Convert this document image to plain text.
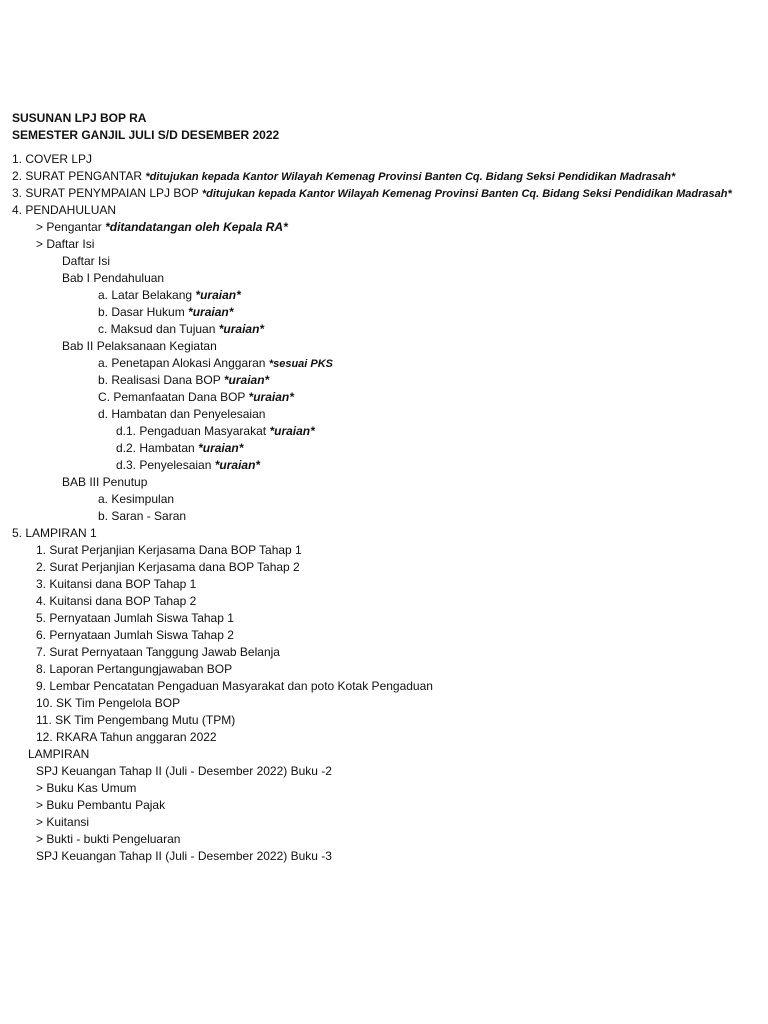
SUSUNAN LPJ BOP RA
SEMESTER GANJIL JULI S/D DESEMBER 2022
1. COVER LPJ
2. SURAT PENGANTAR *ditujukan kepada Kantor Wilayah Kemenag Provinsi Banten Cq. Bidang Seksi Pendidikan Madrasah*
3. SURAT PENYMPAIAN LPJ BOP *ditujukan kepada Kantor Wilayah Kemenag Provinsi Banten Cq. Bidang Seksi Pendidikan Madrasah*
4. PENDAHULUAN
> Pengantar *ditandatangan oleh Kepala RA*
> Daftar Isi
Daftar Isi
Bab I Pendahuluan
a. Latar Belakang *uraian*
b. Dasar Hukum *uraian*
c. Maksud dan Tujuan *uraian*
Bab II Pelaksanaan Kegiatan
a. Penetapan Alokasi Anggaran *sesuai PKS
b. Realisasi Dana BOP *uraian*
C. Pemanfaatan Dana BOP *uraian*
d. Hambatan dan Penyelesaian
d.1. Pengaduan Masyarakat *uraian*
d.2. Hambatan *uraian*
d.3. Penyelesaian *uraian*
BAB III Penutup
a. Kesimpulan
b. Saran - Saran
5. LAMPIRAN 1
1. Surat Perjanjian Kerjasama Dana BOP Tahap 1
2. Surat Perjanjian Kerjasama dana BOP Tahap 2
3. Kuitansi dana BOP Tahap 1
4. Kuitansi dana BOP Tahap 2
5. Pernyataan Jumlah Siswa Tahap 1
6. Pernyataan Jumlah Siswa Tahap 2
7. Surat Pernyataan Tanggung Jawab Belanja
8. Laporan Pertangungjawaban BOP
9. Lembar Pencatatan Pengaduan Masyarakat dan poto Kotak Pengaduan
10. SK Tim Pengelola BOP
11. SK Tim Pengembang Mutu (TPM)
12. RKARA Tahun anggaran 2022
LAMPIRAN
SPJ Keuangan Tahap II (Juli - Desember 2022) Buku -2
> Buku Kas Umum
> Buku Pembantu Pajak
> Kuitansi
> Bukti - bukti Pengeluaran
SPJ Keuangan Tahap II (Juli - Desember 2022) Buku -3
